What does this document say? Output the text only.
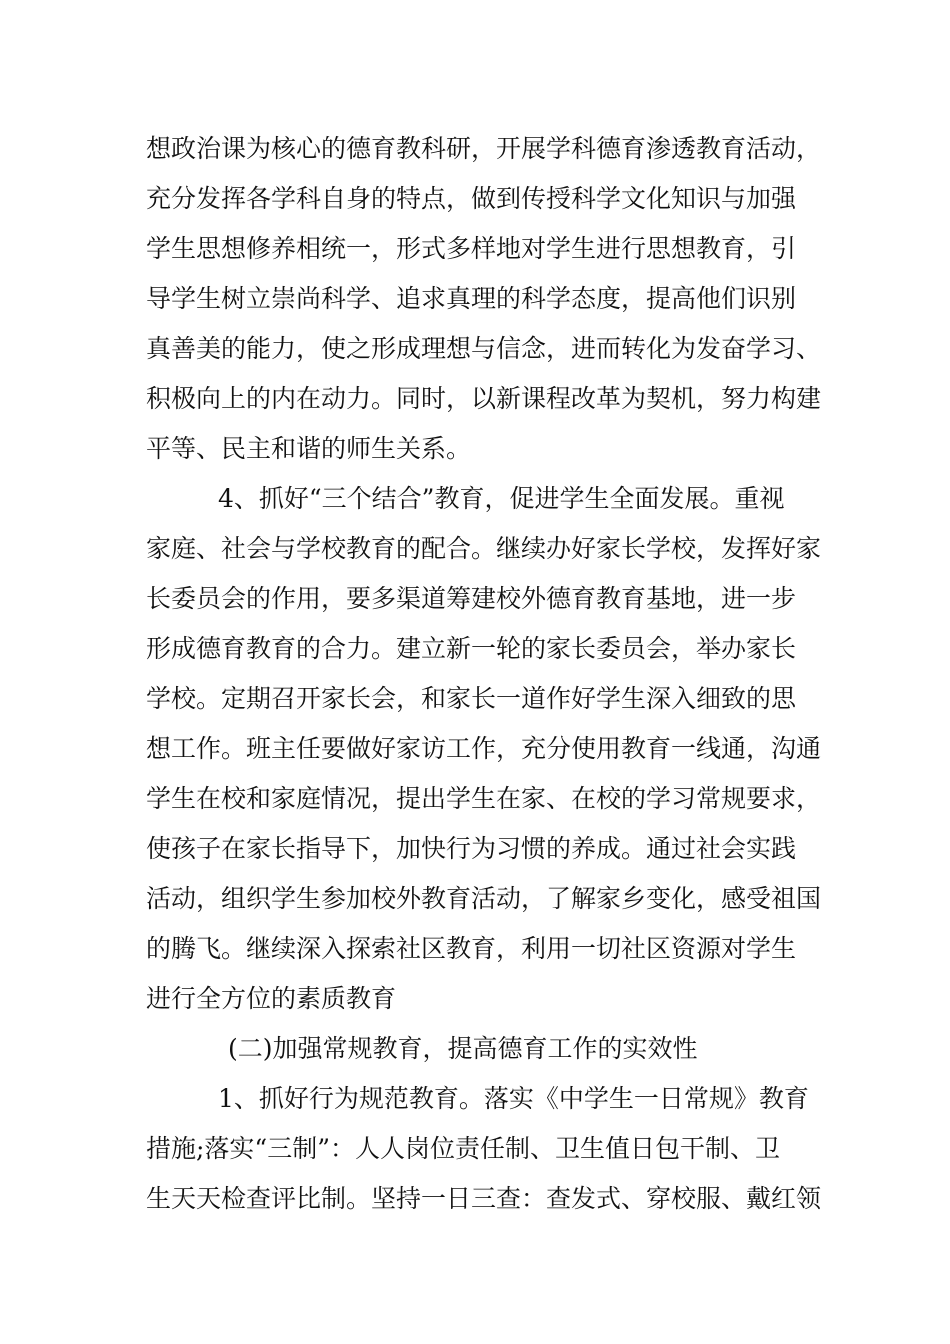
想政治课为核心的德育教科研，开展学科德育渗透教育活动，
充分发挥各学科自身的特点，做到传授科学文化知识与加强
学生思想修养相统一，形式多样地对学生进行思想教育，引
导学生树立崇尚科学、追求真理的科学态度，提高他们识别
真善美的能力，使之形成理想与信念，进而转化为发奋学习、
积极向上的内在动力。同时，以新课程改革为契机，努力构建
平等、民主和谐的师生关系。
4、抓好“三个结合”教育，促进学生全面发展。重视
家庭、社会与学校教育的配合。继续办好家长学校，发挥好家
长委员会的作用，要多渠道筹建校外德育教育基地，进一步
形成德育教育的合力。建立新一轮的家长委员会，举办家长
学校。定期召开家长会，和家长一道作好学生深入细致的思
想工作。班主任要做好家访工作，充分使用教育一线通，沟通
学生在校和家庭情况，提出学生在家、在校的学习常规要求，
使孩子在家长指导下，加快行为习惯的养成。通过社会实践
活动，组织学生参加校外教育活动，了解家乡变化，感受祖国
的腾飞。继续深入探索社区教育，利用一切社区资源对学生
进行全方位的素质教育
(二)加强常规教育，提高德育工作的实效性
1、抓好行为规范教育。落实《中学生一日常规》教育
措施;落实“三制”：人人岗位责任制、卫生值日包干制、卫
生天天检查评比制。坚持一日三查：查发式、穿校服、戴红领
